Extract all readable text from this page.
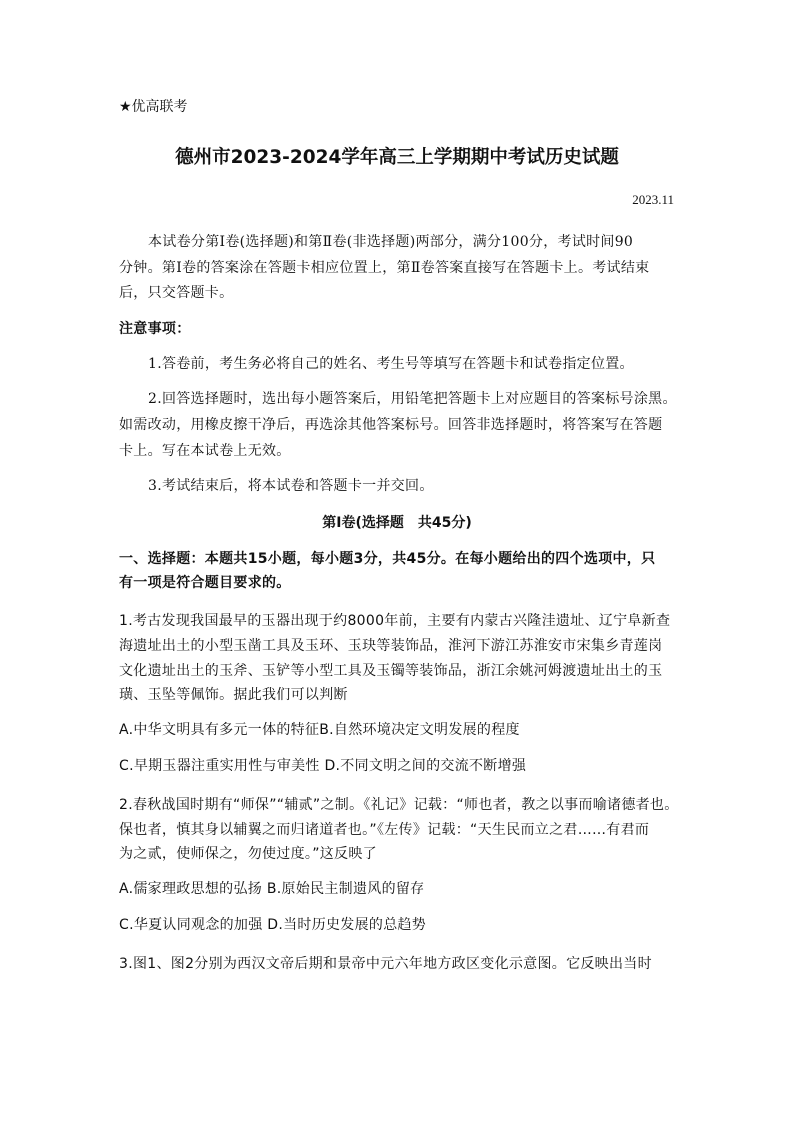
★优高联考
德州市2023-2024学年高三上学期期中考试历史试题
2023.11
本试卷分第Ⅰ卷(选择题)和第Ⅱ卷(非选择题)两部分，满分100分，考试时间90
分钟。第Ⅰ卷的答案涂在答题卡相应位置上，第Ⅱ卷答案直接写在答题卡上。考试结束
后，只交答题卡。
注意事项：
1.答卷前，考生务必将自己的姓名、考生号等填写在答题卡和试卷指定位置。
2.回答选择题时，选出每小题答案后，用铅笔把答题卡上对应题目的答案标号涂黑。
如需改动，用橡皮擦干净后，再选涂其他答案标号。回答非选择题时，将答案写在答题
卡上。写在本试卷上无效。
3.考试结束后，将本试卷和答题卡一并交回。
第Ⅰ卷(选择题　共45分)
一、选择题：本题共15小题，每小题3分，共45分。在每小题给出的四个选项中，只
有一项是符合题目要求的。
1.考古发现我国最早的玉器出现于约8000年前，主要有内蒙古兴隆洼遗址、辽宁阜新查
海遗址出土的小型玉凿工具及玉环、玉玦等装饰品，淮河下游江苏淮安市宋集乡青莲岗
文化遗址出土的玉斧、玉铲等小型工具及玉镯等装饰品，浙江余姚河姆渡遗址出土的玉
璜、玉坠等佩饰。据此我们可以判断
A.中华文明具有多元一体的特征B.自然环境决定文明发展的程度
C.早期玉器注重实用性与审美性 D.不同文明之间的交流不断增强
2.春秋战国时期有“师保”“辅贰”之制。《礼记》记载：“师也者，教之以事而喻诸德者也。
保也者，慎其身以辅翼之而归诸道者也。”《左传》记载：“天生民而立之君……有君而
为之贰，使师保之，勿使过度。”这反映了
A.儒家理政思想的弘扬 B.原始民主制遗风的留存
C.华夏认同观念的加强 D.当时历史发展的总趋势
3.图1、图2分别为西汉文帝后期和景帝中元六年地方政区变化示意图。它反映出当时
